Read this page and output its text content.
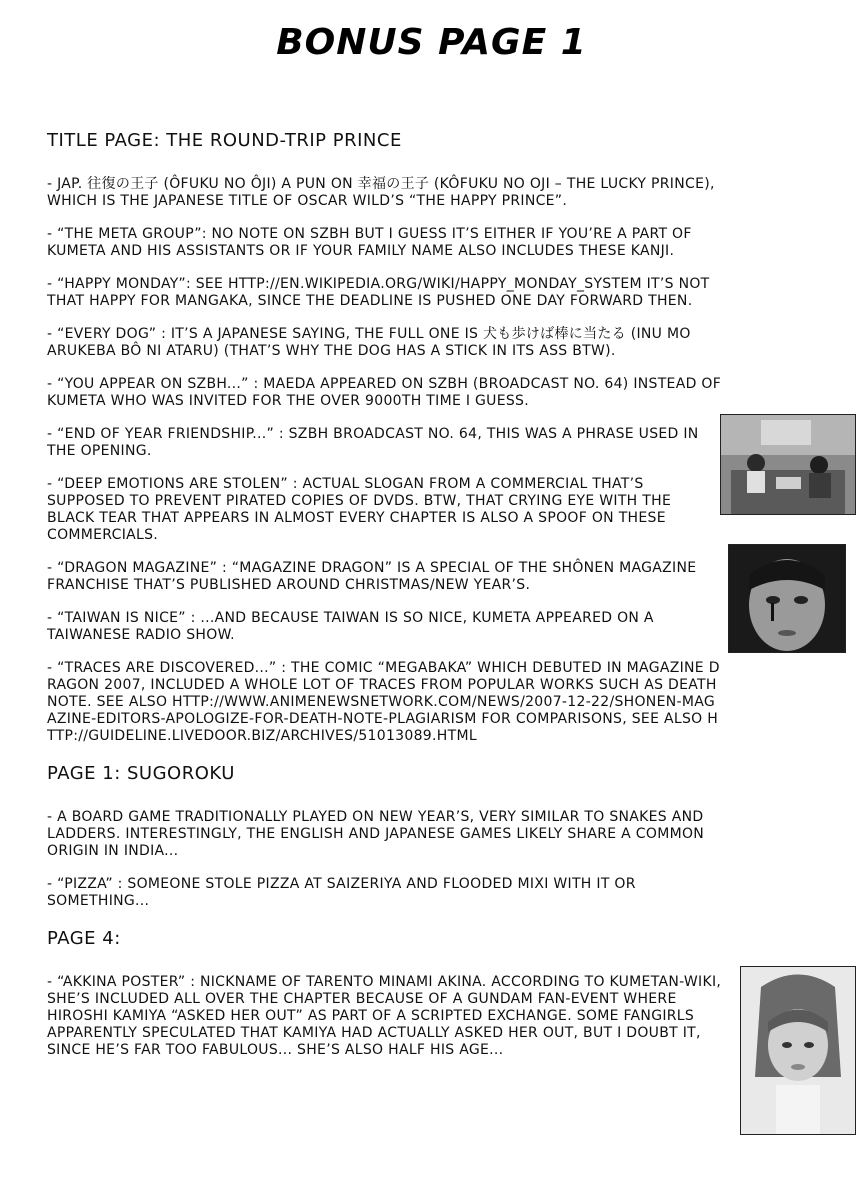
BONUS PAGE 1
TITLE PAGE: THE ROUND-TRIP PRINCE
- JAP. 往復の王子 (ÔFUKU NO ÔJI) A PUN ON 幸福の王子 (KÔFUKU NO OJI – THE LUCKY PRINCE), WHICH IS THE JAPANESE TITLE OF OSCAR WILD’S “THE HAPPY PRINCE”.
- “THE META GROUP”: NO NOTE ON SZBH BUT I GUESS IT’S EITHER IF YOU’RE A PART OF KUMETA AND HIS ASSISTANTS OR IF YOUR FAMILY NAME ALSO INCLUDES THESE KANJI.
- “HAPPY MONDAY”: SEE HTTP://EN.WIKIPEDIA.ORG/WIKI/HAPPY_MONDAY_SYSTEM IT’S NOT THAT HAPPY FOR MANGAKA, SINCE THE DEADLINE IS PUSHED ONE DAY FORWARD THEN.
- “EVERY DOG” : IT’S A JAPANESE SAYING, THE FULL ONE IS 犬も歩けば棒に当たる (INU MO ARUKEBA BÔ NI ATARU) (THAT’S WHY THE DOG HAS A STICK IN ITS ASS BTW).
- “YOU APPEAR ON SZBH...” : MAEDA APPEARED ON SZBH (BROADCAST NO. 64) INSTEAD OF KUMETA WHO WAS INVITED FOR THE OVER 9000TH TIME I GUESS.
- “END OF YEAR FRIENDSHIP...” : SZBH BROADCAST NO. 64, THIS WAS A PHRASE USED IN THE OPENING.
- “DEEP EMOTIONS ARE STOLEN” : ACTUAL SLOGAN FROM A COMMERCIAL THAT’S SUPPOSED TO PREVENT PIRATED COPIES OF DVDS. BTW, THAT CRYING EYE WITH THE BLACK TEAR THAT APPEARS IN ALMOST EVERY CHAPTER IS ALSO A SPOOF ON THESE COMMERCIALS.
- “DRAGON MAGAZINE” : “MAGAZINE DRAGON” IS A SPECIAL OF THE SHÔNEN MAGAZINE FRANCHISE THAT’S PUBLISHED AROUND CHRISTMAS/NEW YEAR’S.
- “TAIWAN IS NICE” : ...AND BECAUSE TAIWAN IS SO NICE, KUMETA APPEARED ON A TAIWANESE RADIO SHOW.
- “TRACES ARE DISCOVERED...” : THE COMIC “MEGABAKA” WHICH DEBUTED IN MAGAZINE DRAGON 2007, INCLUDED A WHOLE LOT OF TRACES FROM POPULAR WORKS SUCH AS DEATH NOTE. SEE ALSO HTTP://WWW.ANIMENEWSNETWORK.COM/NEWS/2007-12-22/SHONEN-MAGAZINE-EDITORS-APOLOGIZE-FOR-DEATH-NOTE-PLAGIARISM FOR COMPARISONS, SEE ALSO HTTP://GUIDELINE.LIVEDOOR.BIZ/ARCHIVES/51013089.HTML
PAGE 1: SUGOROKU
- A BOARD GAME TRADITIONALLY PLAYED ON NEW YEAR’S, VERY SIMILAR TO SNAKES AND LADDERS. INTERESTINGLY, THE ENGLISH AND JAPANESE GAMES LIKELY SHARE A COMMON ORIGIN IN INDIA...
- “PIZZA” : SOMEONE STOLE PIZZA AT SAIZERIYA AND FLOODED MIXI WITH IT OR SOMETHING...
PAGE 4:
- “AKKINA POSTER” : NICKNAME OF TARENTO MINAMI AKINA. ACCORDING TO KUMETAN-WIKI, SHE’S INCLUDED ALL OVER THE CHAPTER BECAUSE OF A GUNDAM FAN-EVENT WHERE HIROSHI KAMIYA “ASKED HER OUT” AS PART OF A SCRIPTED EXCHANGE. SOME FANGIRLS APPARENTLY SPECULATED THAT KAMIYA HAD ACTUALLY ASKED HER OUT, BUT I DOUBT IT, SINCE HE’S FAR TOO FABULOUS... SHE’S ALSO HALF HIS AGE...
